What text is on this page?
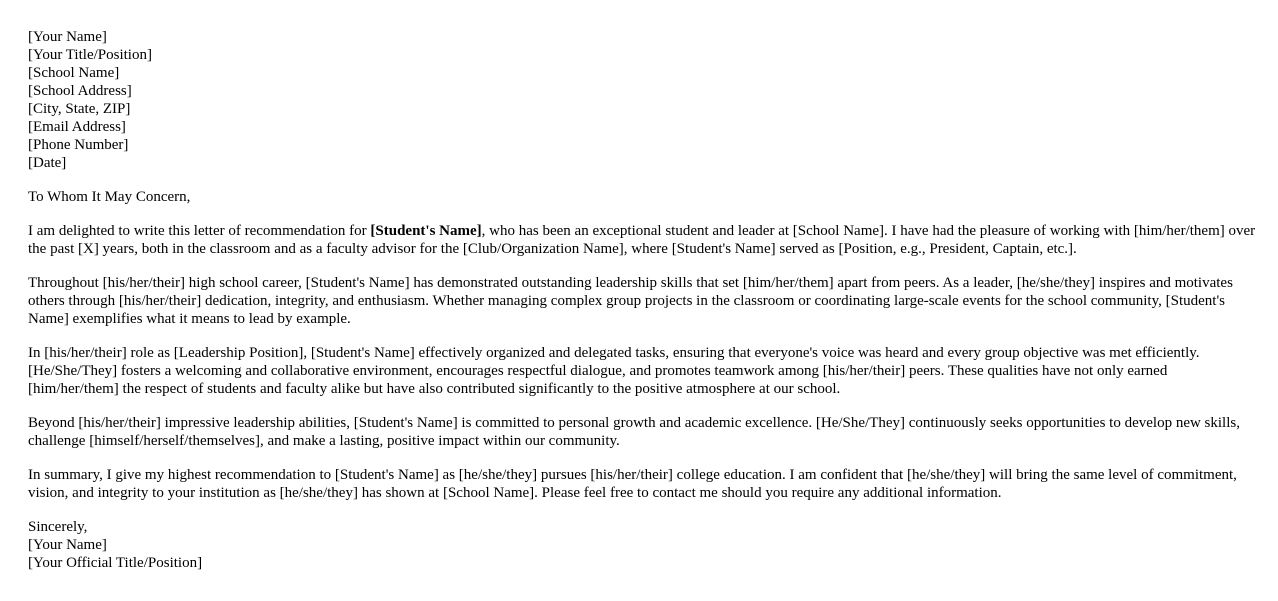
[Your Name]
[Your Title/Position]
[School Name]
[School Address]
[City, State, ZIP]
[Email Address]
[Phone Number]
[Date]

To Whom It May Concern,

I am delighted to write this letter of recommendation for [Student's Name], who has been an exceptional student and leader at [School Name]. I have had the pleasure of working with [him/her/them] over the past [X] years, both in the classroom and as a faculty advisor for the [Club/Organization Name], where [Student's Name] served as [Position, e.g., President, Captain, etc.].

Throughout [his/her/their] high school career, [Student's Name] has demonstrated outstanding leadership skills that set [him/her/them] apart from peers. As a leader, [he/she/they] inspires and motivates others through [his/her/their] dedication, integrity, and enthusiasm. Whether managing complex group projects in the classroom or coordinating large-scale events for the school community, [Student's Name] exemplifies what it means to lead by example.

In [his/her/their] role as [Leadership Position], [Student's Name] effectively organized and delegated tasks, ensuring that everyone's voice was heard and every group objective was met efficiently. [He/She/They] fosters a welcoming and collaborative environment, encourages respectful dialogue, and promotes teamwork among [his/her/their] peers. These qualities have not only earned [him/her/them] the respect of students and faculty alike but have also contributed significantly to the positive atmosphere at our school.

Beyond [his/her/their] impressive leadership abilities, [Student's Name] is committed to personal growth and academic excellence. [He/She/They] continuously seeks opportunities to develop new skills, challenge [himself/herself/themselves], and make a lasting, positive impact within our community.

In summary, I give my highest recommendation to [Student's Name] as [he/she/they] pursues [his/her/their] college education. I am confident that [he/she/they] will bring the same level of commitment, vision, and integrity to your institution as [he/she/they] has shown at [School Name]. Please feel free to contact me should you require any additional information.

Sincerely,
[Your Name]
[Your Official Title/Position]
